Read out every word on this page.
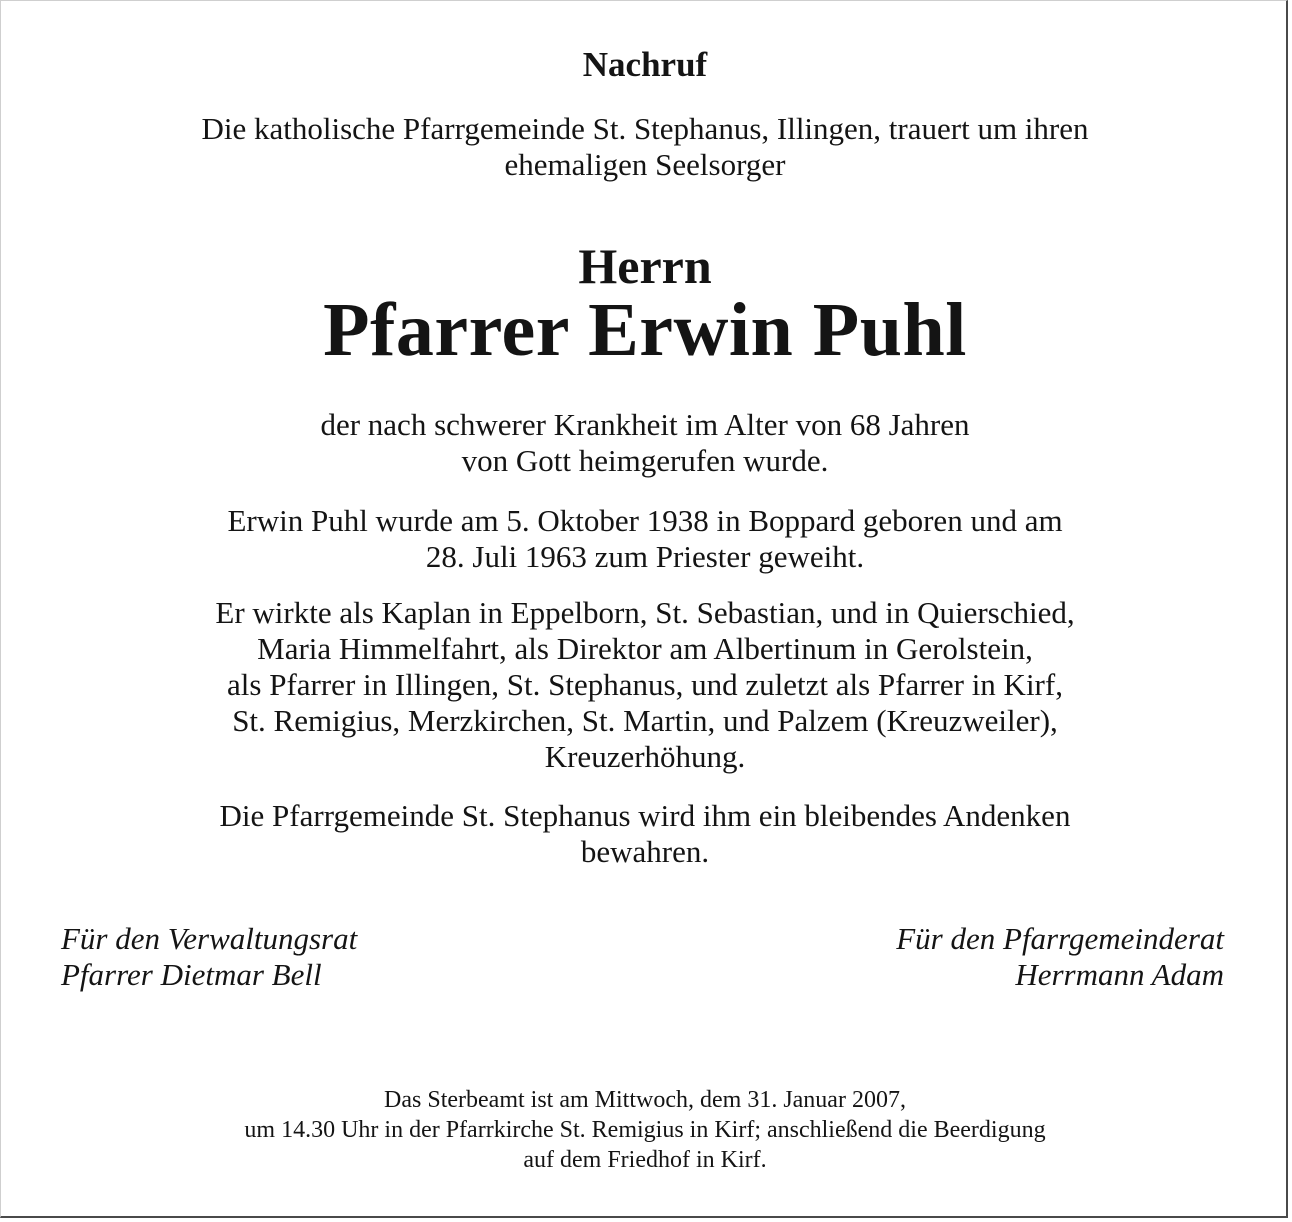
Nachruf
Die katholische Pfarrgemeinde St. Stephanus, Illingen, trauert um ihren
ehemaligen Seelsorger
Herrn
Pfarrer Erwin Puhl
der nach schwerer Krankheit im Alter von 68 Jahren
von Gott heimgerufen wurde.
Erwin Puhl wurde am 5. Oktober 1938 in Boppard geboren und am
28. Juli 1963 zum Priester geweiht.
Er wirkte als Kaplan in Eppelborn, St. Sebastian, und in Quierschied,
Maria Himmelfahrt, als Direktor am Albertinum in Gerolstein,
als Pfarrer in Illingen, St. Stephanus, und zuletzt als Pfarrer in Kirf,
St. Remigius, Merzkirchen, St. Martin, und Palzem (Kreuzweiler),
Kreuzerhöhung.
Die Pfarrgemeinde St. Stephanus wird ihm ein bleibendes Andenken
bewahren.
Für den Verwaltungsrat
Pfarrer Dietmar Bell
Für den Pfarrgemeinderat
Herrmann Adam
Das Sterbeamt ist am Mittwoch, dem 31. Januar 2007,
um 14.30 Uhr in der Pfarrkirche St. Remigius in Kirf; anschließend die Beerdigung
auf dem Friedhof in Kirf.
